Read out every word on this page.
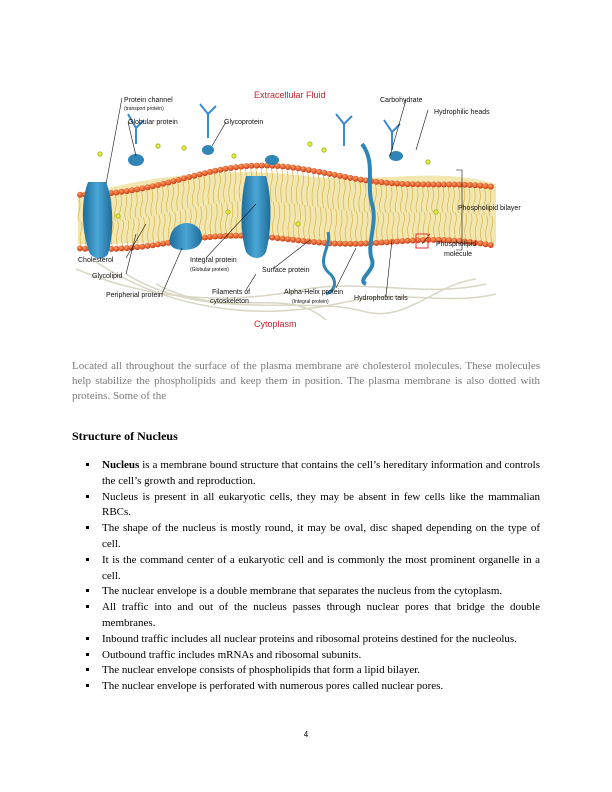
Extracellular Fluid
Cytoplasm
Protein channel
(transport protein)
Globular protein	Glycoprotein
Carbohydrate
Hydrophilic heads
Phospholipid bilayer
Phospholipid
molecule
Cholesterol
Glycolipid
Peripherial protein
Integral protein
(Globular protein)	Surface protein
Filaments of
cytoskeleton
Alpha-Helix protein
(Integral protein)	Hydrophobic tails

Located all throughout the surface of the plasma membrane are cholesterol molecules. These molecules help stabilize the phospholipids and keep them in position. The plasma membrane is also dotted with proteins. Some of the

Structure of Nucleus
Nucleus is a membrane bound structure that contains the cell’s hereditary information and controls the cell’s growth and reproduction.
Nucleus is present in all eukaryotic cells, they may be absent in few cells like the mammalian RBCs.
The shape of the nucleus is mostly round, it may be oval, disc shaped depending on the type of cell.
It is the command center of a eukaryotic cell and is commonly the most prominent organelle in a cell.
The nuclear envelope is a double membrane that separates the nucleus from the cytoplasm.
All traffic into and out of the nucleus passes through nuclear pores that bridge the double membranes.
Inbound traffic includes all nuclear proteins and ribosomal proteins destined for the nucleolus.
Outbound traffic includes mRNAs and ribosomal subunits.
The nuclear envelope consists of phospholipids that form a lipid bilayer.
The nuclear envelope is perforated with numerous pores called nuclear pores.
4
